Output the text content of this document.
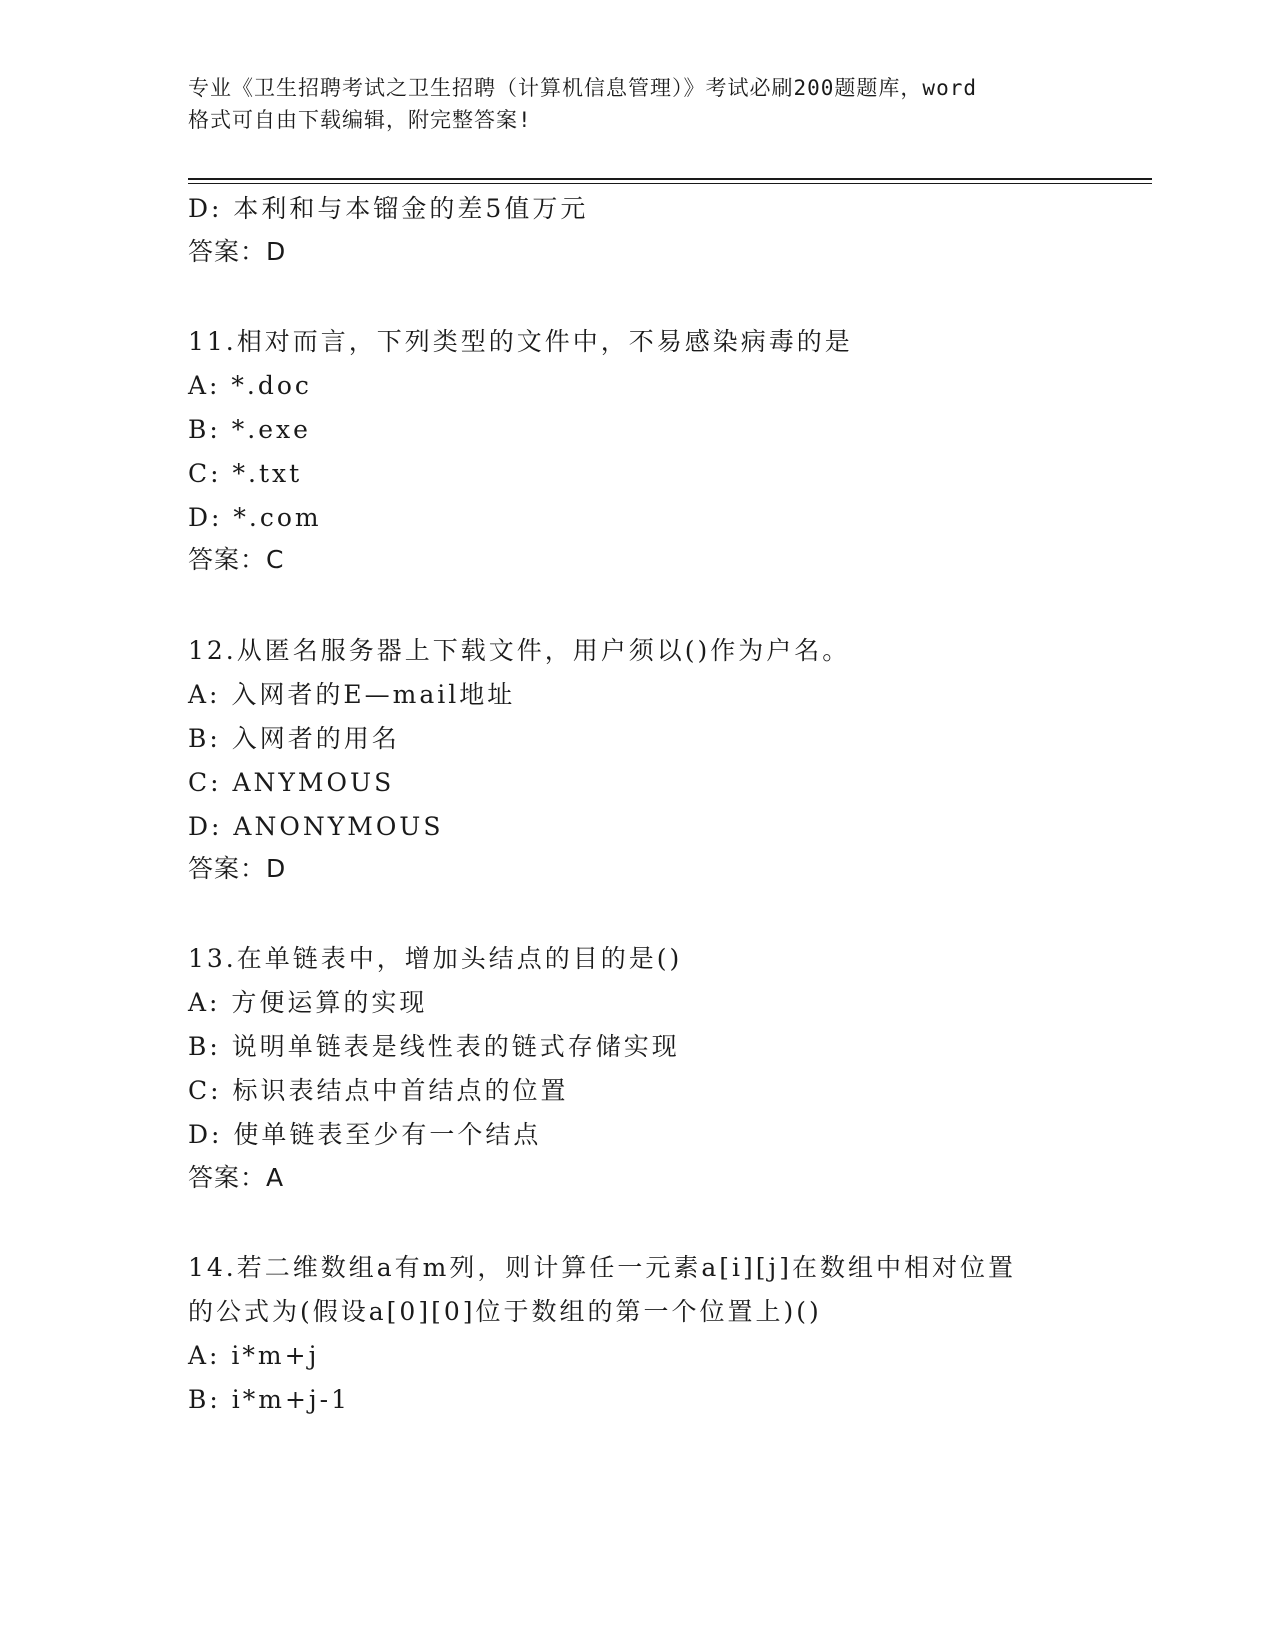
专业《卫生招聘考试之卫生招聘（计算机信息管理）》考试必刷200题题库，word
格式可自由下载编辑，附完整答案!
D: 本利和与本镏金的差5值万元
答案：D
11.相对而言，下列类型的文件中，不易感染病毒的是
A: *.doc
B: *.exe
C: *.txt
D: *.com
答案：C
12.从匿名服务器上下载文件，用户须以()作为户名。
A: 入网者的E—mail地址
B: 入网者的用名
C: ANYMOUS
D: ANONYMOUS
答案：D
13.在单链表中，增加头结点的目的是()
A: 方便运算的实现
B: 说明单链表是线性表的链式存储实现
C: 标识表结点中首结点的位置
D: 使单链表至少有一个结点
答案：A
14.若二维数组a有m列，则计算任一元素a[i][j]在数组中相对位置
的公式为(假设a[0][0]位于数组的第一个位置上)()
A: i*m+j
B: i*m+j-1
